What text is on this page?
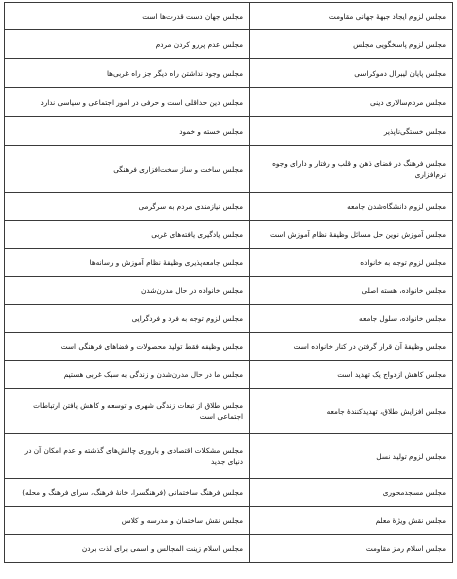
مجلس لزوم ایجاد جبهۀ جهانی مقاومت	مجلس جهان دست قدرت‌ها است
مجلس لزوم پاسخگویی مجلس	مجلس عدم پررو کردن مردم
مجلس پایان لیبرال دموکراسی	مجلس وجود نداشتن راه دیگر جز راه غربی‌ها
مجلس مردم‌سالاری دینی	مجلس دین حداقلی است و حرفی در امور اجتماعی و سیاسی ندارد
مجلس خستگی‌ناپذیر	مجلس خسته و خمود
مجلس فرهنگ در فضای ذهن و قلب و رفتار و دارای وجوه نرم‌افزاری	مجلس ساخت و ساز سخت‌افزاری فرهنگی
مجلس لزوم دانشگاه‌شدن جامعه	مجلس نیازمندی مردم به سرگرمی
مجلس آموزش نوین حل مسائل وظیفۀ نظام آموزش است	مجلس یادگیری یافته‌های غربی
مجلس لزوم توجه به خانواده	مجلس جامعه‌پذیری وظیفۀ نظام آموزش و رسانه‌ها
مجلس خانواده، هسته اصلی	مجلس خانواده در حال مدرن‌شدن
مجلس خانواده، سلول جامعه	مجلس لزوم توجه به فرد و فردگرایی
مجلس وظیفۀ آن قرار گرفتن در کنار خانواده است	مجلس وظیفه فقط تولید محصولات و فضاهای فرهنگی است
مجلس کاهش ازدواج یک تهدید است	مجلس ما در حال مدرن‌شدن و زندگی به سبک غربی هستیم
مجلس افزایش طلاق، تهدیدکنندۀ جامعه	مجلس طلاق از تبعات زندگی شهری و توسعه و کاهش یافتن ارتباطات اجتماعی است
مجلس لزوم تولید نسل	مجلس مشکلات اقتصادی و باروری چالش‌های گذشته و عدم امکان آن در دنیای جدید
مجلس مسجدمحوری	مجلس فرهنگ ساختمانی (فرهنگسرا، خانۀ فرهنگ، سرای فرهنگ و محله)
مجلس نقش ویژۀ معلم	مجلس نقش ساختمان و مدرسه و کلاس
مجلس اسلام رمز مقاومت	مجلس اسلام زینت المجالس و اسمی برای لذت بردن
